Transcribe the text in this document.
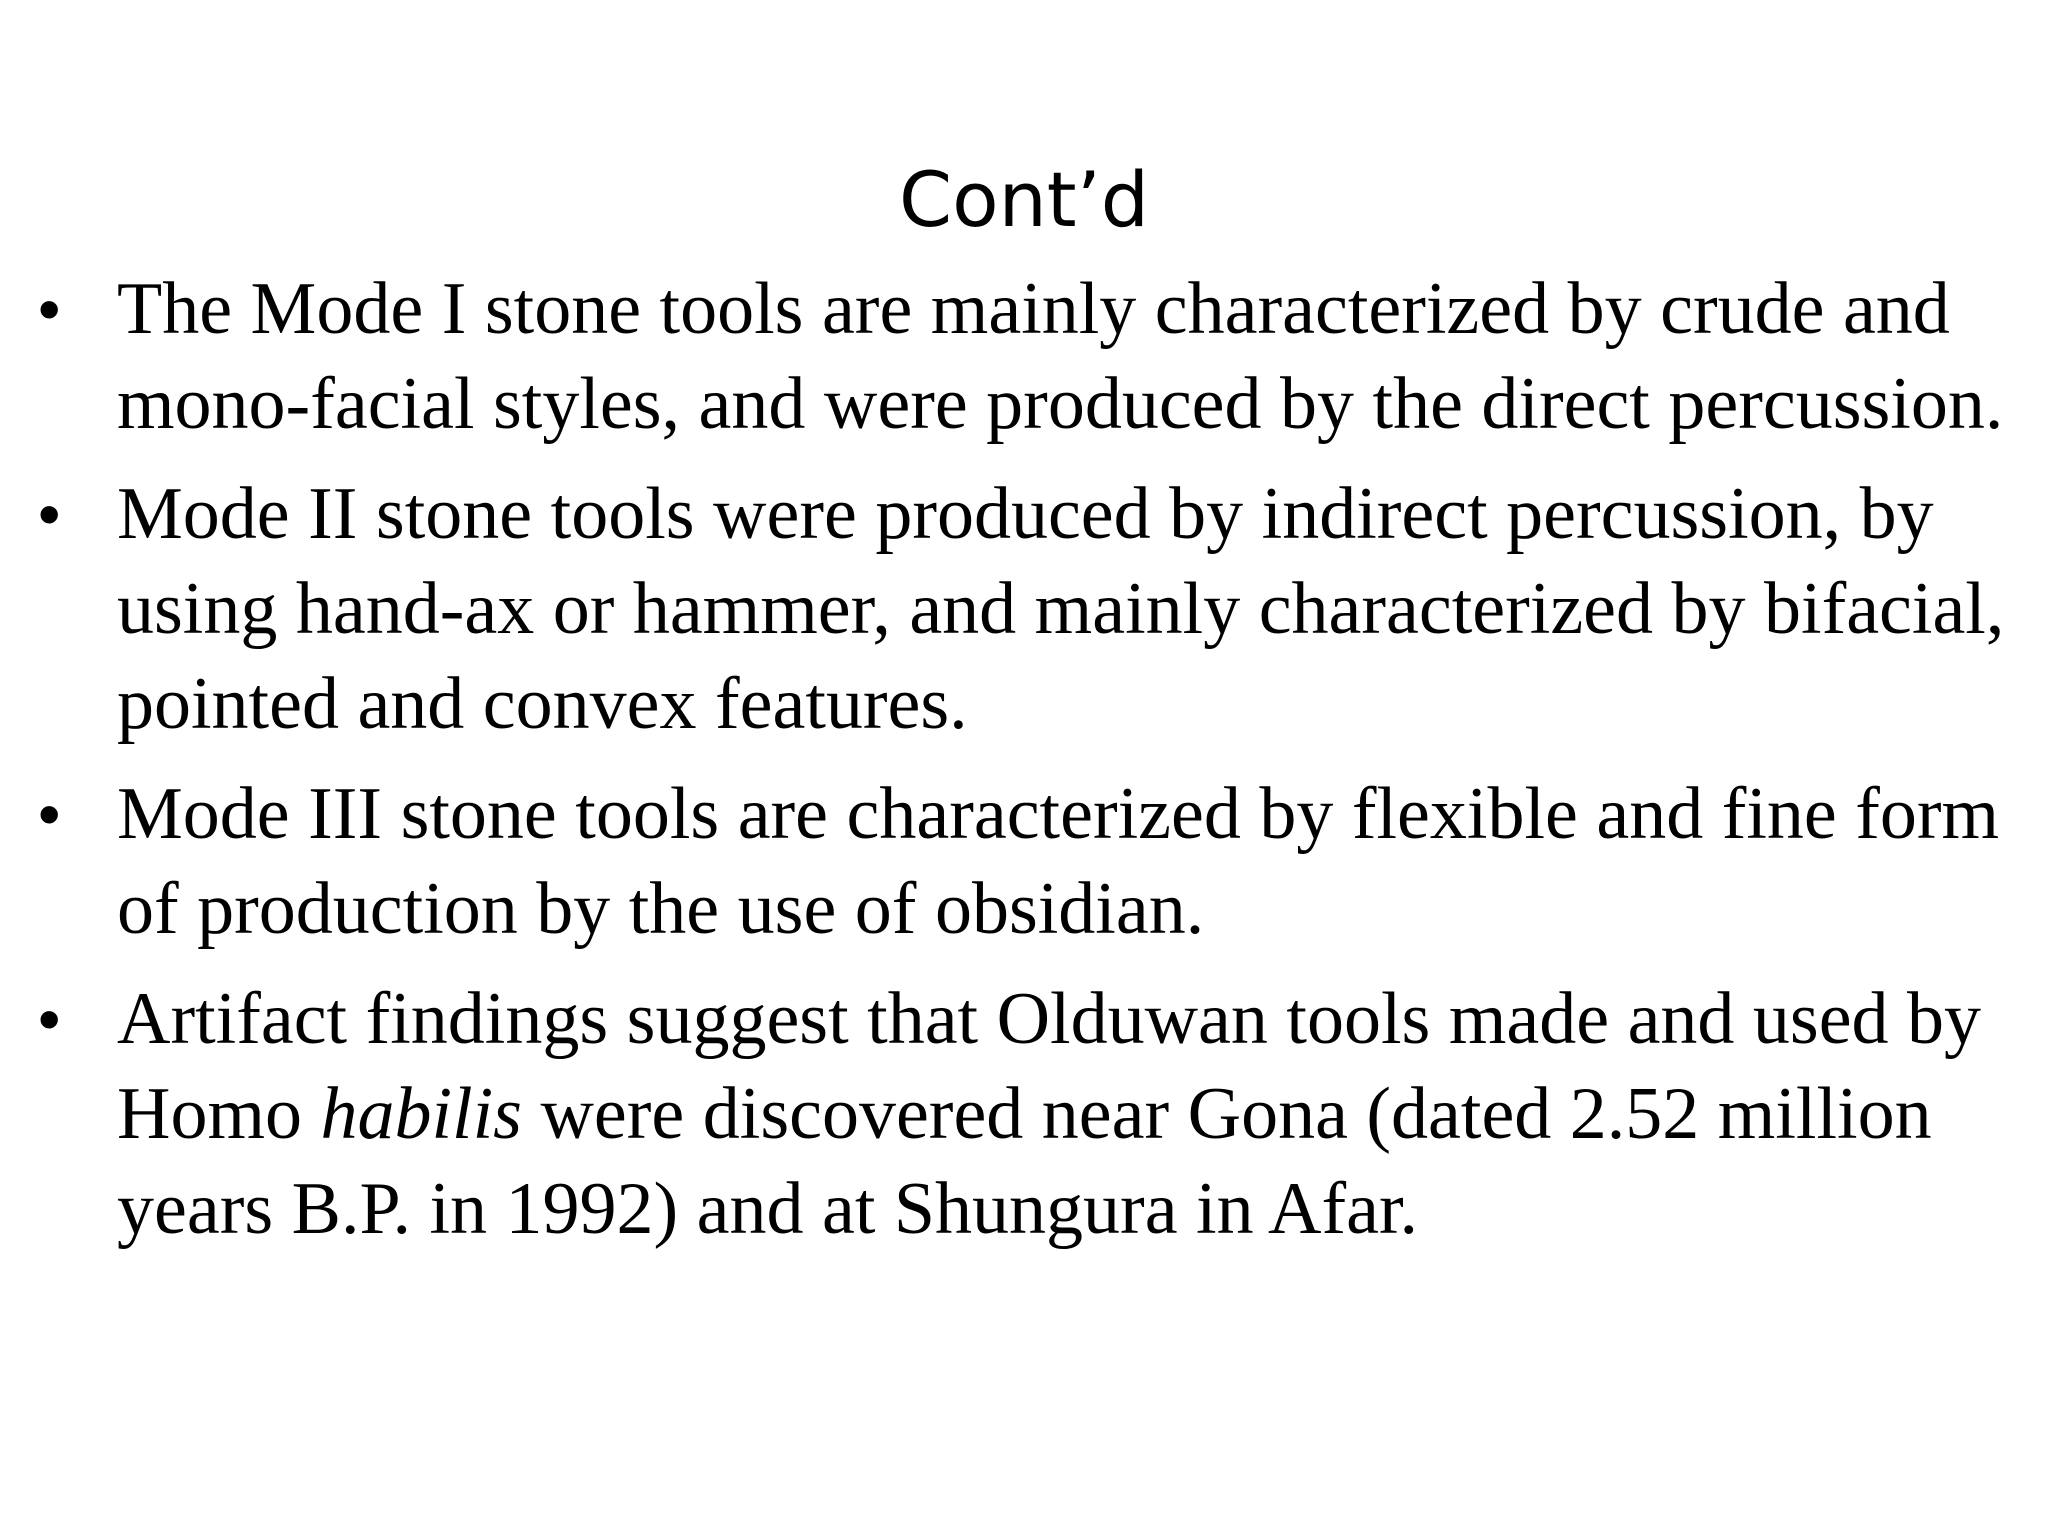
Cont’d
• The Mode I stone tools are mainly characterized by crude and mono-facial styles, and were produced by the direct percussion.
• Mode II stone tools were produced by indirect percussion, by using hand-ax or hammer, and mainly characterized by bifacial, pointed and convex features.
• Mode III stone tools are characterized by flexible and fine form of production by the use of obsidian.
• Artifact findings suggest that Olduwan tools made and used by Homo habilis were discovered near Gona (dated 2.52 million years B.P. in 1992) and at Shungura in Afar.
